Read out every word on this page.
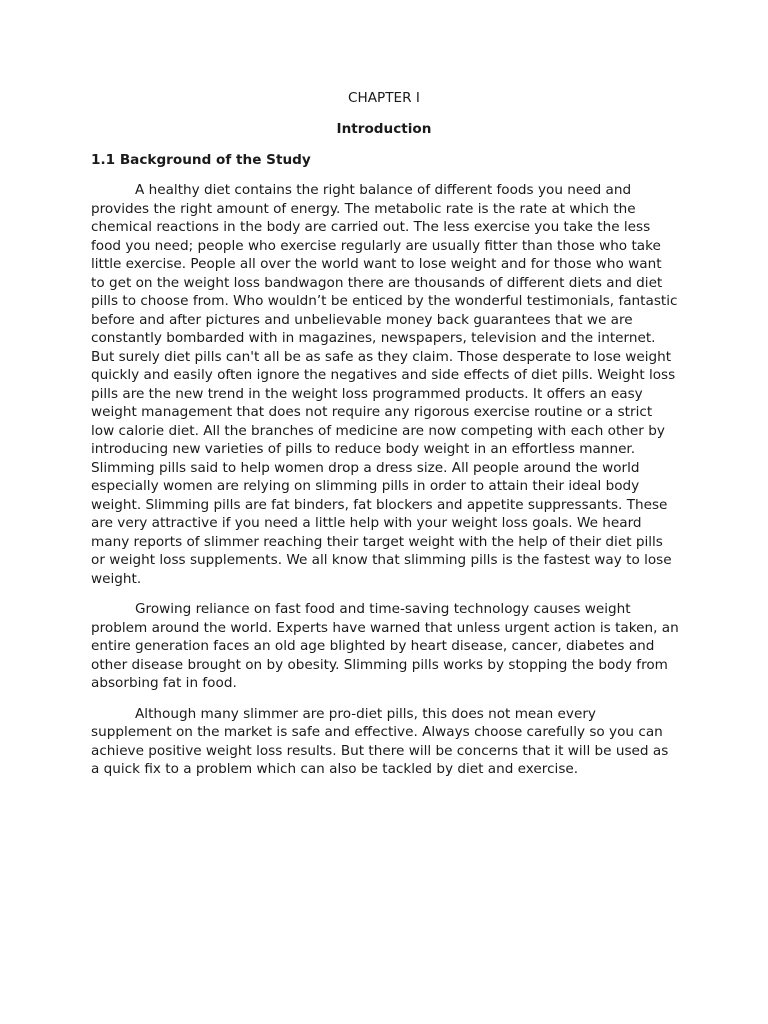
CHAPTER I
Introduction
1.1 Background of the Study

A healthy diet contains the right balance of different foods you need and provides the right amount of energy. The metabolic rate is the rate at which the chemical reactions in the body are carried out. The less exercise you take the less food you need; people who exercise regularly are usually fitter than those who take little exercise. People all over the world want to lose weight and for those who want to get on the weight loss bandwagon there are thousands of different diets and diet pills to choose from. Who wouldn’t be enticed by the wonderful testimonials, fantastic before and after pictures and unbelievable money back guarantees that we are constantly bombarded with in magazines, newspapers, television and the internet. But surely diet pills can't all be as safe as they claim. Those desperate to lose weight quickly and easily often ignore the negatives and side effects of diet pills. Weight loss pills are the new trend in the weight loss programmed products. It offers an easy weight management that does not require any rigorous exercise routine or a strict low calorie diet. All the branches of medicine are now competing with each other by introducing new varieties of pills to reduce body weight in an effortless manner. Slimming pills said to help women drop a dress size. All people around the world especially women are relying on slimming pills in order to attain their ideal body weight. Slimming pills are fat binders, fat blockers and appetite suppressants. These are very attractive if you need a little help with your weight loss goals. We heard many reports of slimmer reaching their target weight with the help of their diet pills or weight loss supplements. We all know that slimming pills is the fastest way to lose weight.

Growing reliance on fast food and time-saving technology causes weight problem around the world. Experts have warned that unless urgent action is taken, an entire generation faces an old age blighted by heart disease, cancer, diabetes and other disease brought on by obesity. Slimming pills works by stopping the body from absorbing fat in food.

Although many slimmer are pro-diet pills, this does not mean every supplement on the market is safe and effective. Always choose carefully so you can achieve positive weight loss results. But there will be concerns that it will be used as a quick fix to a problem which can also be tackled by diet and exercise.
